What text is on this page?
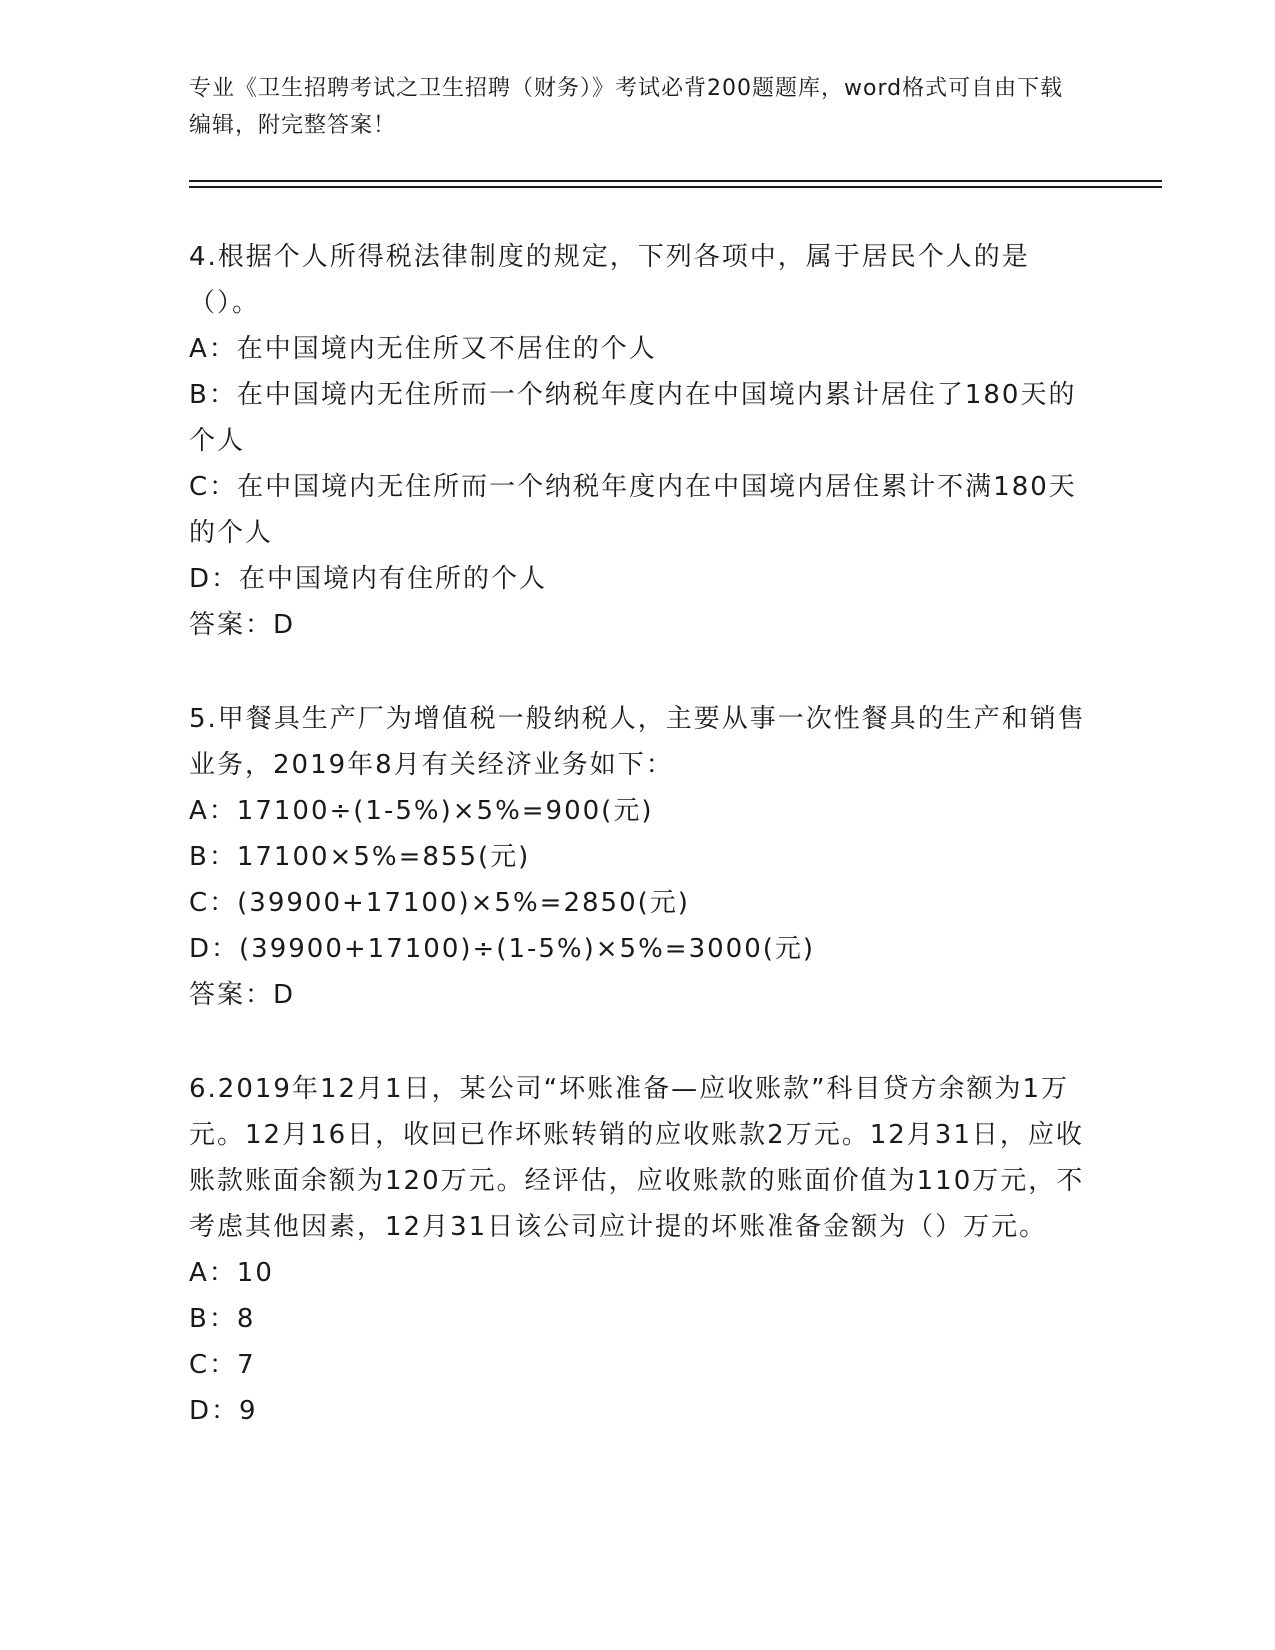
专业《卫生招聘考试之卫生招聘（财务）》考试必背200题题库，word格式可自由下载编辑，附完整答案！
4.根据个人所得税法律制度的规定，下列各项中，属于居民个人的是（）。
A：在中国境内无住所又不居住的个人
B：在中国境内无住所而一个纳税年度内在中国境内累计居住了180天的个人
C：在中国境内无住所而一个纳税年度内在中国境内居住累计不满180天的个人
D：在中国境内有住所的个人
答案：D
5.甲餐具生产厂为增值税一般纳税人，主要从事一次性餐具的生产和销售业务，2019年8月有关经济业务如下：
A：17100÷(1-5%)×5%=900(元)
B：17100×5%=855(元)
C：(39900+17100)×5%=2850(元)
D：(39900+17100)÷(1-5%)×5%=3000(元)
答案：D
6.2019年12月1日，某公司“坏账准备—应收账款”科目贷方余额为1万元。12月16日，收回已作坏账转销的应收账款2万元。12月31日，应收账款账面余额为120万元。经评估，应收账款的账面价值为110万元，不考虑其他因素，12月31日该公司应计提的坏账准备金额为（）万元。
A：10
B：8
C：7
D：9
